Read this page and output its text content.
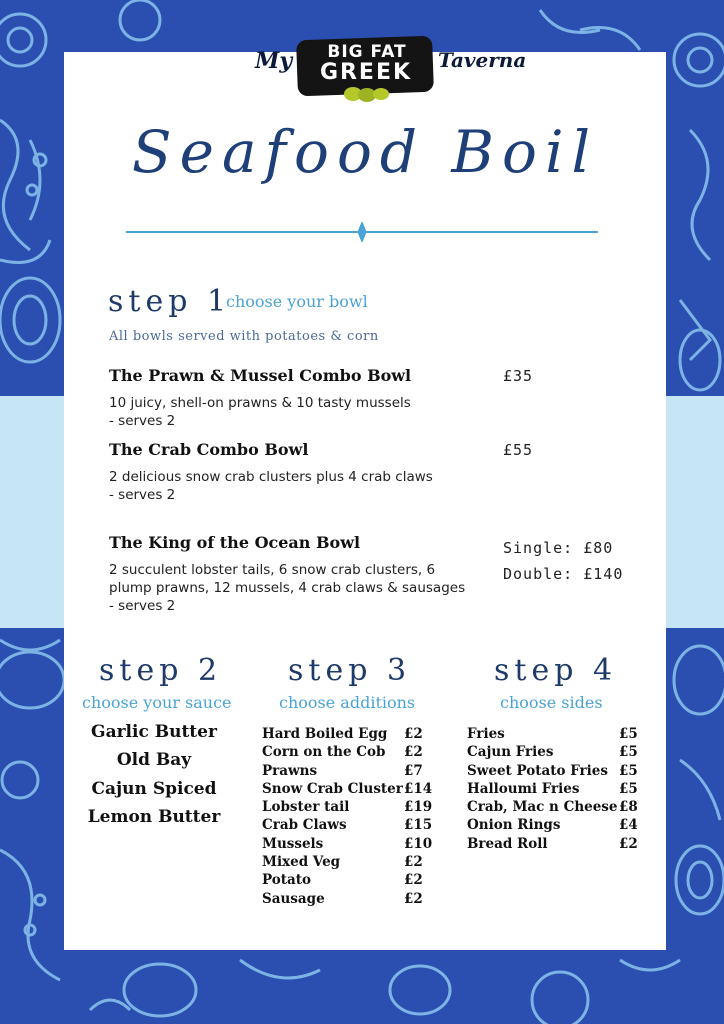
My	BIG FAT
GREEK	Taverna
Seafood Boil
step 1
choose your bowl
All bowls served with potatoes & corn
The Prawn & Mussel Combo Bowl
10 juicy, shell-on prawns & 10 tasty mussels
- serves 2
£35
The Crab Combo Bowl
2 delicious snow crab clusters plus 4 crab claws
- serves 2
£55
The King of the Ocean Bowl
2 succulent lobster tails, 6 snow crab clusters, 6
plump prawns, 12 mussels, 4 crab claws & sausages
- serves 2
Single: £80
Double: £140
step 2
choose your sauce
Garlic Butter
Old Bay
Cajun Spiced
Lemon Butter
step 3
choose additions
Hard Boiled Egg £2
Corn on the Cob £2
Prawns	£7
Snow Crab Cluster £14
Lobster tail	£19
Crab Claws	£15
Mussels	£10
Mixed Veg	£2
Potato	£2
Sausage	£2
step 4
choose sides
Fries	£5
Cajun Fries	£5
Sweet Potato Fries £5
Halloumi Fries	£5
Crab, Mac n Cheese £8
Onion Rings	£4
Bread Roll	£2
